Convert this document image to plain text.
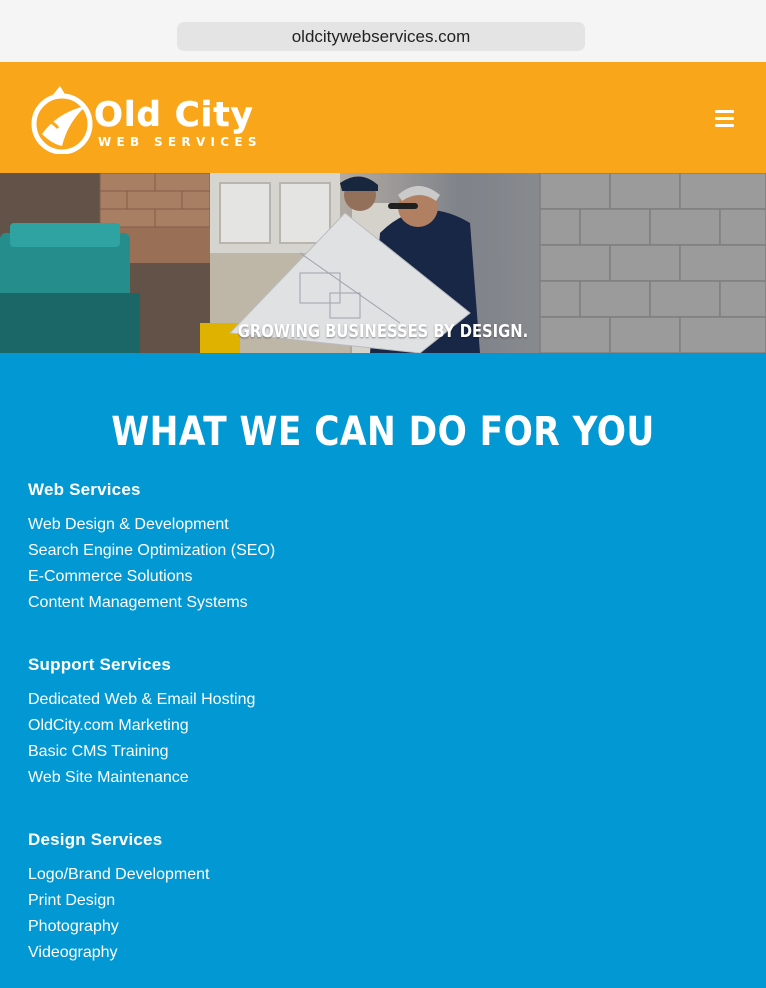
oldcitywebservices.com
Old City
WEB SERVICES
GROWING BUSINESSES BY DESIGN.
WHAT WE CAN DO FOR YOU
Web Services
Web Design & Development
Search Engine Optimization (SEO)
E-Commerce Solutions
Content Management Systems
Support Services
Dedicated Web & Email Hosting
OldCity.com Marketing
Basic CMS Training
Web Site Maintenance
Design Services
Logo/Brand Development
Print Design
Photography
Videography
